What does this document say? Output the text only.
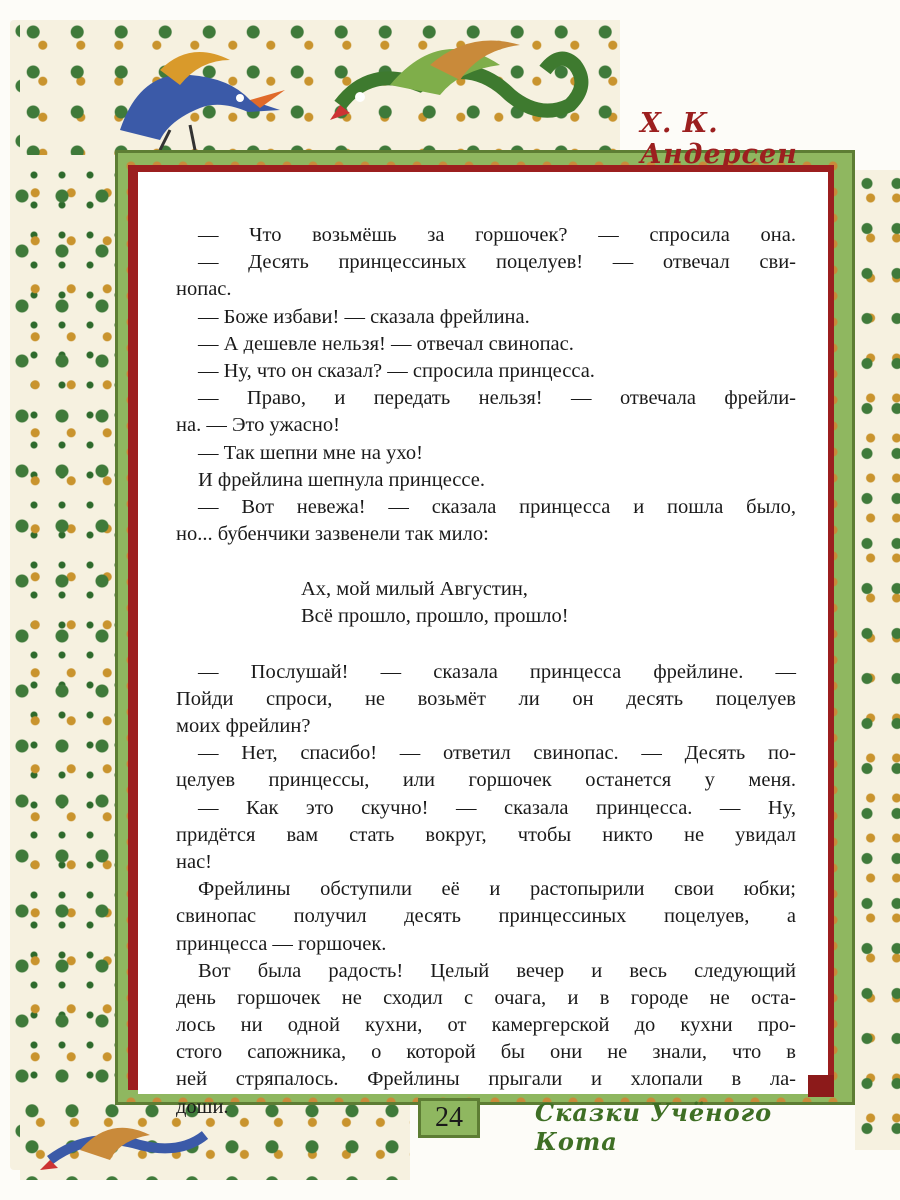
Х. К. Андерсен
— Что возьмёшь за горшочек? — спросила она.
— Десять принцессиных поцелуев! — отвечал сви-
нопас.
— Боже избави! — сказала фрейлина.
— А дешевле нельзя! — отвечал свинопас.
— Ну, что он сказал? — спросила принцесса.
— Право, и передать нельзя! — отвечала фрейли-
на. — Это ужасно!
— Так шепни мне на ухо!
И фрейлина шепнула принцессе.
— Вот невежа! — сказала принцесса и пошла было,
но... бубенчики зазвенели так мило:
Ах, мой милый Августин,
Всё прошло, прошло, прошло!
— Послушай! — сказала принцесса фрейлине. —
Пойди спроси, не возьмёт ли он десять поцелуев
моих фрейлин?
— Нет, спасибо! — ответил свинопас. — Десять по-
целуев принцессы, или горшочек останется у меня.
— Как это скучно! — сказала принцесса. — Ну,
придётся вам стать вокруг, чтобы никто не увидал
нас!
Фрейлины обступили её и растопырили свои юбки;
свинопас получил десять принцессиных поцелуев, а
принцесса — горшочек.
Вот была радость! Целый вечер и весь следующий
день горшочек не сходил с очага, и в городе не оста-
лось ни одной кухни, от камергерской до кухни про-
стого сапожника, о которой бы они не знали, что в
ней стряпалось. Фрейлины прыгали и хлопали в ла-
доши.	24	Сказки Учёного Кота
